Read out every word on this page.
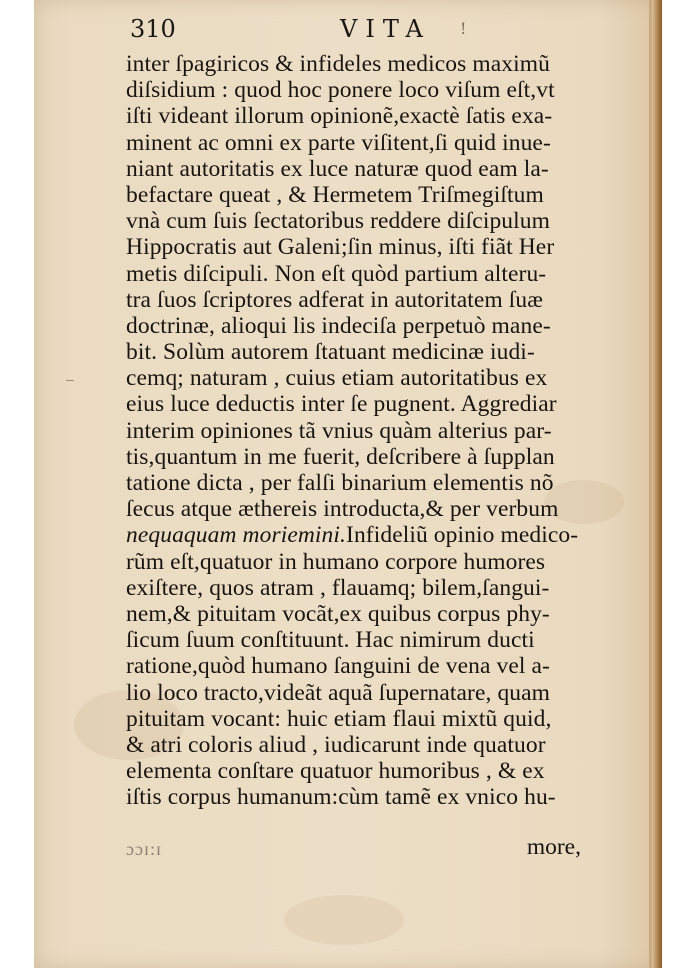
310	VITA !
inter ſpagiricos & infideles medicos maximũ
diſsidium : quod hoc ponere loco viſum eſt,vt
iſti videant illorum opinionẽ,exactè ſatis exa-
minent ac omni ex parte viſitent,ſi quid inue-
niant autoritatis ex luce naturæ quod eam la-
befactare queat , & Hermetem Triſmegiſtum
vnà cum ſuis ſectatoribus reddere diſcipulum
Hippocratis aut Galeni;ſin minus, iſti fiãt Her
metis diſcipuli. Non eſt quòd partium alteru-
tra ſuos ſcriptores adferat in autoritatem ſuæ
doctrinæ, alioqui lis indeciſa perpetuò mane-
bit. Solùm autorem ſtatuant medicinæ iudi-
cemq; naturam , cuius etiam autoritatibus ex
eius luce deductis inter ſe pugnent. Aggrediar
interim opiniones tã vnius quàm alterius par-
tis,quantum in me fuerit, deſcribere à ſupplan
tatione dicta , per falſi binarium elementis nõ
ſecus atque æthereis introducta,& per verbum
nequaquam moriemini.Infideliũ opinio medico-
rũm eſt,quatuor in humano corpore humores
exiſtere, quos atram , flauamq; bilem,ſangui-
nem,& pituitam vocãt,ex quibus corpus phy-
ſicum ſuum conſtituunt. Hac nimirum ducti
ratione,quòd humano ſanguini de vena vel a-
lio loco tracto,videãt aquã ſupernatare, quam
pituitam vocant: huic etiam flaui mixtũ quid,
& atri coloris aliud , iudicarunt inde quatuor
elementa conſtare quatuor humoribus , & ex
iſtis corpus humanum:cùm tamẽ ex vnico hu-
ɔɔɪ:ɪ	more,
